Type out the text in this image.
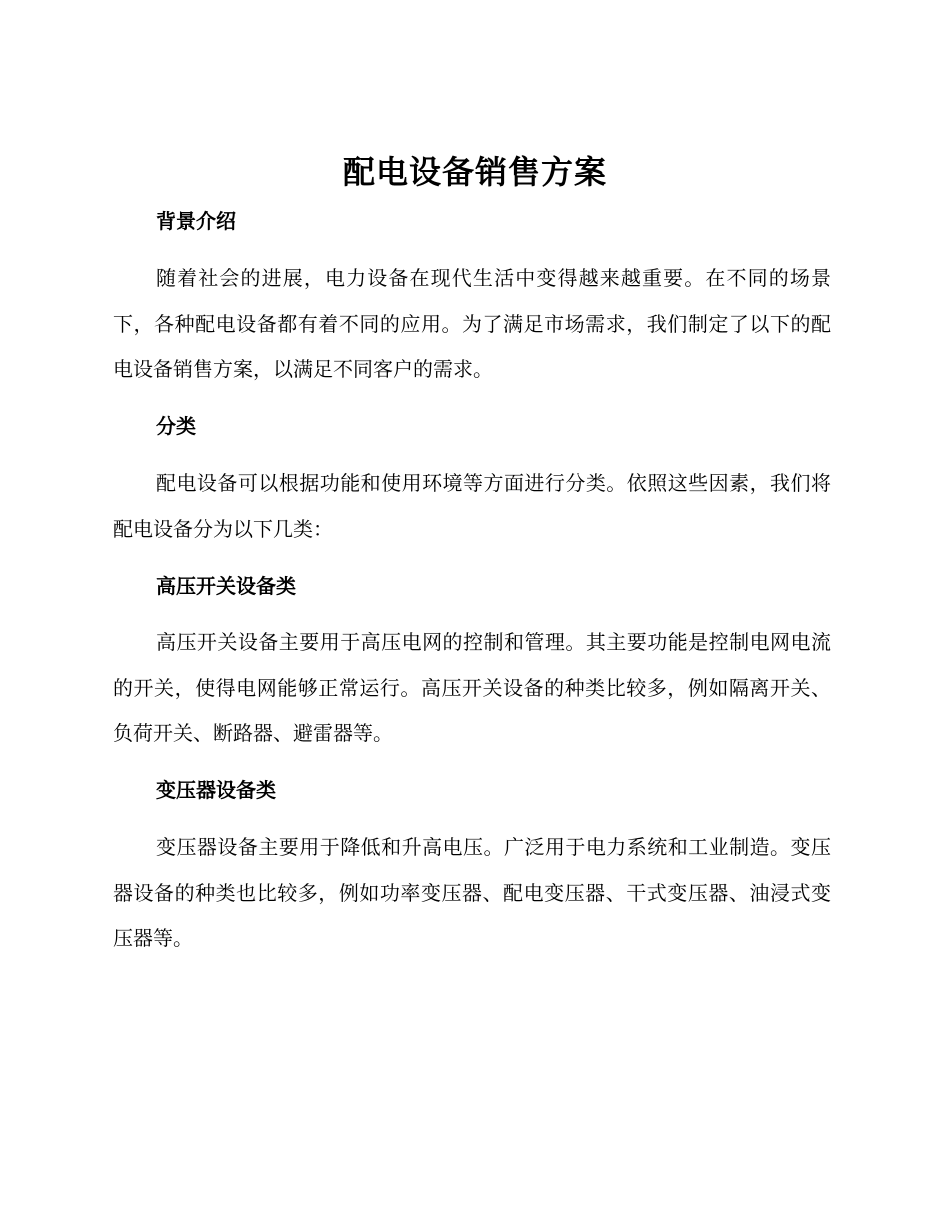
配电设备销售方案
背景介绍

随着社会的进展，电力设备在现代生活中变得越来越重要。在不同的场景下，各种配电设备都有着不同的应用。为了满足市场需求，我们制定了以下的配电设备销售方案，以满足不同客户的需求。

分类

配电设备可以根据功能和使用环境等方面进行分类。依照这些因素，我们将配电设备分为以下几类：

高压开关设备类

高压开关设备主要用于高压电网的控制和管理。其主要功能是控制电网电流的开关，使得电网能够正常运行。高压开关设备的种类比较多，例如隔离开关、负荷开关、断路器、避雷器等。

变压器设备类

变压器设备主要用于降低和升高电压。广泛用于电力系统和工业制造。变压器设备的种类也比较多，例如功率变压器、配电变压器、干式变压器、油浸式变压器等。
